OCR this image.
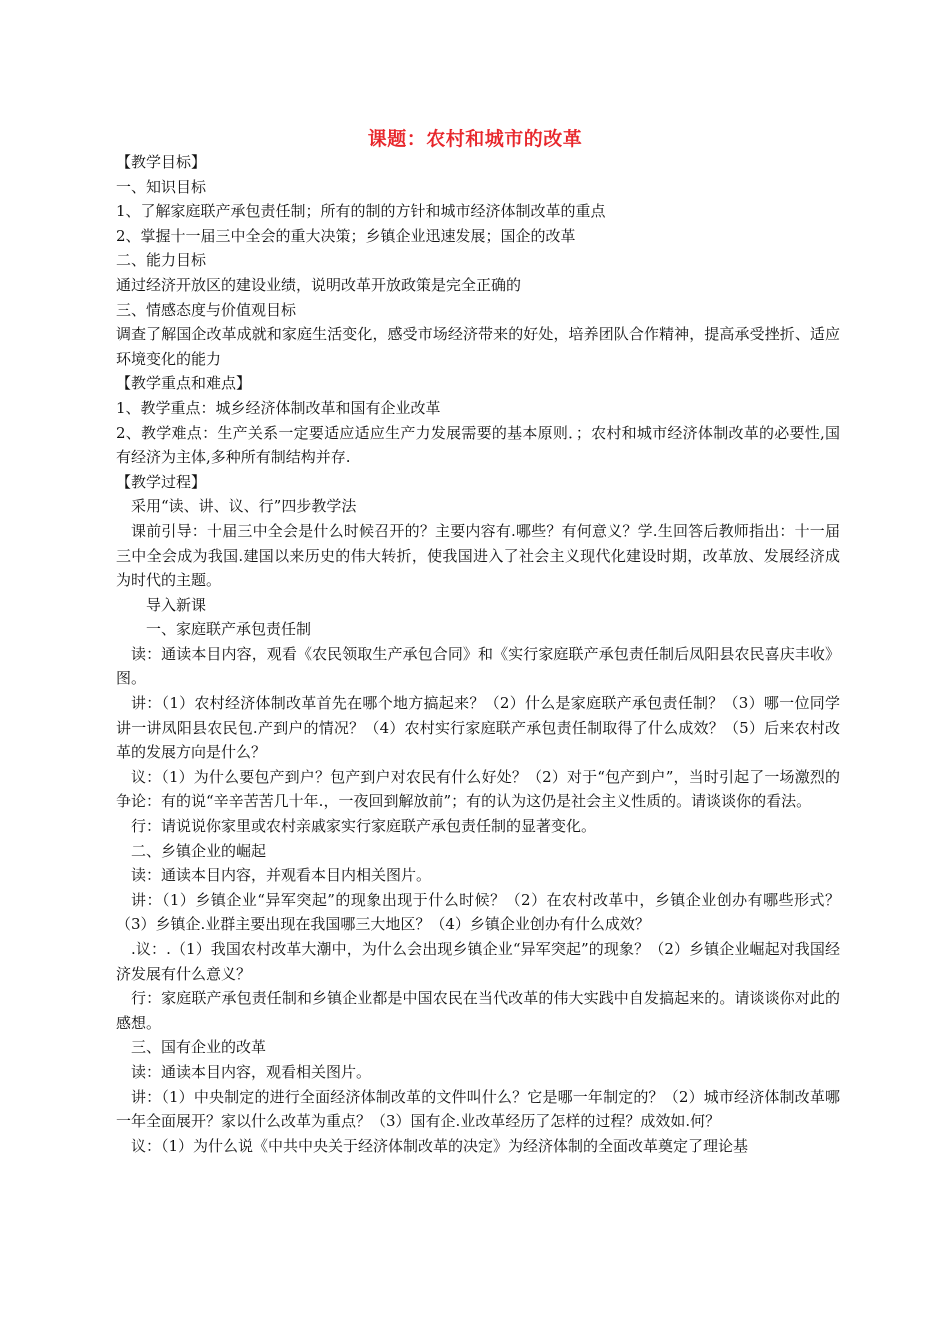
课题：农村和城市的改革
【教学目标】
一、知识目标
1、了解家庭联产承包责任制；所有的制的方针和城市经济体制改革的重点
2、掌握十一届三中全会的重大决策；乡镇企业迅速发展；国企的改革
二、能力目标
通过经济开放区的建设业绩，说明改革开放政策是完全正确的
三、情感态度与价值观目标
调查了解国企改革成就和家庭生活变化，感受市场经济带来的好处，培养团队合作精神，提高承受挫折、适应环境变化的能力
【教学重点和难点】
1、教学重点：城乡经济体制改革和国有企业改革
2、教学难点：生产关系一定要适应适应生产力发展需要的基本原则．；农村和城市经济体制改革的必要性,国有经济为主体,多种所有制结构并存.
【教学过程】
采用“读、讲、议、行”四步教学法
课前引导：十届三中全会是什么时候召开的？主要内容有.哪些？有何意义？学.生回答后教师指出：十一届三中全会成为我国.建国以来历史的伟大转折，使我国进入了社会主义现代化建设时期，改革放、发展经济成为时代的主题。
导入新课
一、家庭联产承包责任制
读：通读本目内容，观看《农民领取生产承包合同》和《实行家庭联产承包责任制后凤阳县农民喜庆丰收》图。
讲：（1）农村经济体制改革首先在哪个地方搞起来？（2）什么是家庭联产承包责任制？（3）哪一位同学讲一讲凤阳县农民包.产到户的情况？（4）农村实行家庭联产承包责任制取得了什么成效？（5）后来农村改革的发展方向是什么？
议：（1）为什么要包产到户？包产到户对农民有什么好处？（2）对于“包产到户”，当时引起了一场激烈的争论：有的说“辛辛苦苦几十年.，一夜回到解放前”；有的认为这仍是社会主义性质的。请谈谈你的看法。
行：请说说你家里或农村亲戚家实行家庭联产承包责任制的显著变化。
二、乡镇企业的崛起
读：通读本目内容，并观看本目内相关图片。
讲：（1）乡镇企业“异军突起”的现象出现于什么时候？（2）在农村改革中，乡镇企业创办有哪些形式？（3）乡镇企.业群主要出现在我国哪三大地区？（4）乡镇企业创办有什么成效？
.议：.（1）我国农村改革大潮中，为什么会出现乡镇企业“异军突起”的现象？（2）乡镇企业崛起对我国经济发展有什么意义？
行：家庭联产承包责任制和乡镇企业都是中国农民在当代改革的伟大实践中自发搞起来的。请谈谈你对此的感想。
三、国有企业的改革
读：通读本目内容，观看相关图片。
讲：（1）中央制定的进行全面经济体制改革的文件叫什么？它是哪一年制定的？（2）城市经济体制改革哪一年全面展开？家以什么改革为重点？（3）国有企.业改革经历了怎样的过程？成效如.何？
议：（1）为什么说《中共中央关于经济体制改革的决定》为经济体制的全面改革奠定了理论基
